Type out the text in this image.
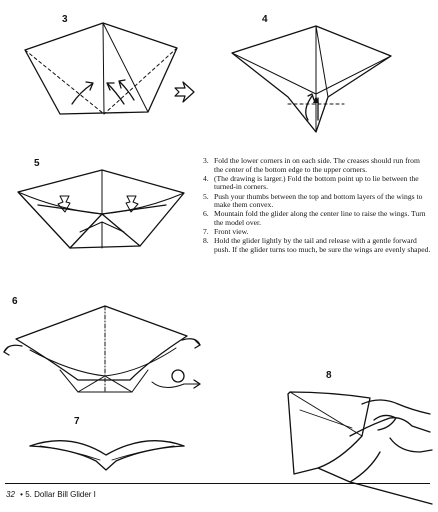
3	4
5
6
7
8
3. Fold the lower corners in on each side. The creases should run from the center of the bottom edge to the upper corners.
4. (The drawing is larger.) Fold the bottom point up to lie between the turned-in corners.
5. Push your thumbs between the top and bottom layers of the wings to make them convex.
6. Mountain fold the glider along the center line to raise the wings. Turn the model over.
7. Front view.
8. Hold the glider lightly by the tail and release with a gentle forward push. If the glider turns too much, be sure the wings are evenly shaped.
32 • 5. Dollar Bill Glider I
